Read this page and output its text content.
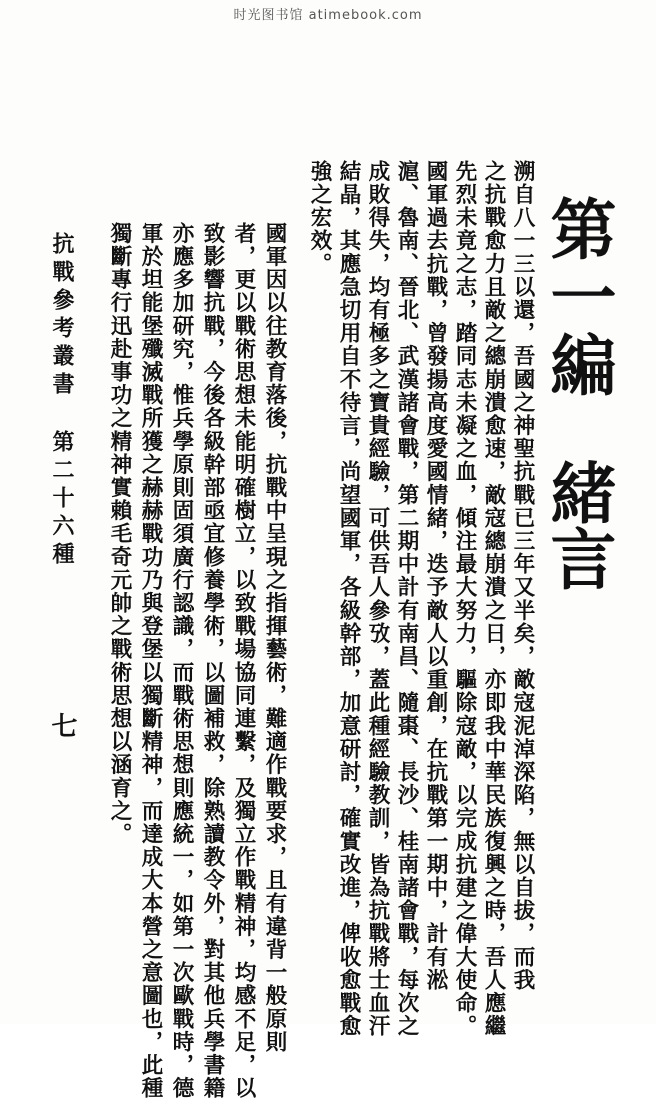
时光图书馆 atimebook.com
第一編緒言
溯自八一三以還，吾國之神聖抗戰已三年又半矣，敵寇泥淖深陷，無以自拔，而我
之抗戰愈力且敵之總崩潰愈速，敵寇總崩潰之日，亦即我中華民族復興之時，吾人應繼
先烈未竟之志，踏同志未凝之血，傾注最大努力，驅除寇敵，以完成抗建之偉大使命。
國軍過去抗戰，曾發揚高度愛國情緒，迭予敵人以重創，在抗戰第一期中，計有淞
滬、魯南、晉北、武漢諸會戰，第二期中計有南昌、隨棗、長沙、桂南諸會戰，每次之
成敗得失，均有極多之寶貴經驗，可供吾人參攷，蓋此種經驗教訓，皆為抗戰將士血汗
結晶，其應急切用自不待言，尚望國軍，各級幹部，加意研討，確實改進，俾收愈戰愈
強之宏效。
國軍因以往教育落後，抗戰中呈現之指揮藝術，難適作戰要求，且有違背一般原則
者，更以戰術思想未能明確樹立，以致戰場協同連繫，及獨立作戰精神，均感不足，以
致影響抗戰，今後各級幹部亟宜修養學術，以圖補救，除熟讀教令外，對其他兵學書籍
亦應多加研究，惟兵學原則固須廣行認識，而戰術思想則應統一，如第一次歐戰時，德
軍於坦能堡殲滅戰所獲之赫赫戰功乃與登堡以獨斷精神，而達成大本營之意圖也，此種
獨斷專行迅赴事功之精神實賴毛奇元帥之戰術思想以涵育之。
抗戰參考叢書第二十六種
七
